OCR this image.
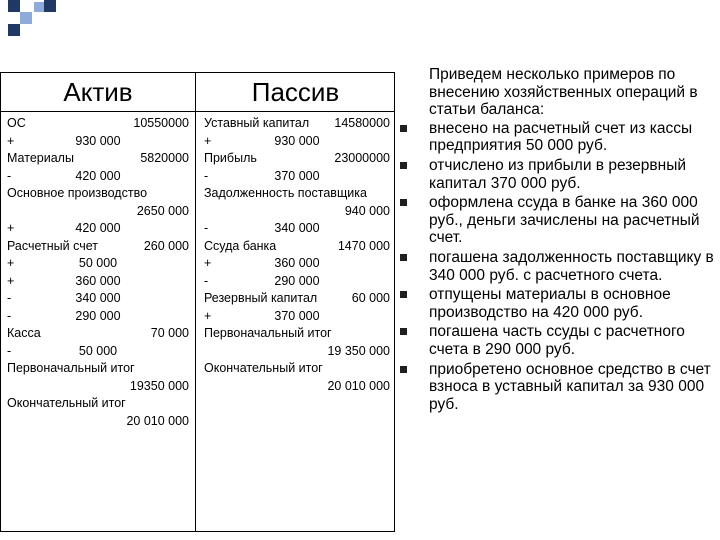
Актив	Пассив
ОС	10550000
+	930 000
Материалы	5820000
-	420 000
Основное производство
2650 000
+	420 000
Расчетный счет	260 000
+	50 000
+	360 000
-	340 000
-	290 000
Касса	70 000
-	50 000
Первоначальный итог
19350 000
Окончательный итог
20 010 000
Уставный капитал 14580000
+	930 000
Прибыль	23000000
-	370 000
Задолженность поставщика
940 000
-	340 000
Ссуда банка	1470 000
+	360 000
-	290 000
Резервный капитал	60 000
+	370 000
Первоначальный итог
19 350 000
Окончательный итог
20 010 000
Приведем несколько примеров по внесению хозяйственных операций в статьи баланса:
внесено на расчетный счет из кассы предприятия 50 000 руб.
отчислено из прибыли в резервный капитал 370 000 руб.
оформлена ссуда в банке на 360 000 руб., деньги зачислены на расчетный счет.
погашена задолженность поставщику в 340 000 руб. с расчетного счета.
отпущены материалы в основное производство на 420 000 руб.
погашена часть ссуды с расчетного счета в 290 000 руб.
приобретено основное средство в счет взноса в уставный капитал за 930 000 руб.
